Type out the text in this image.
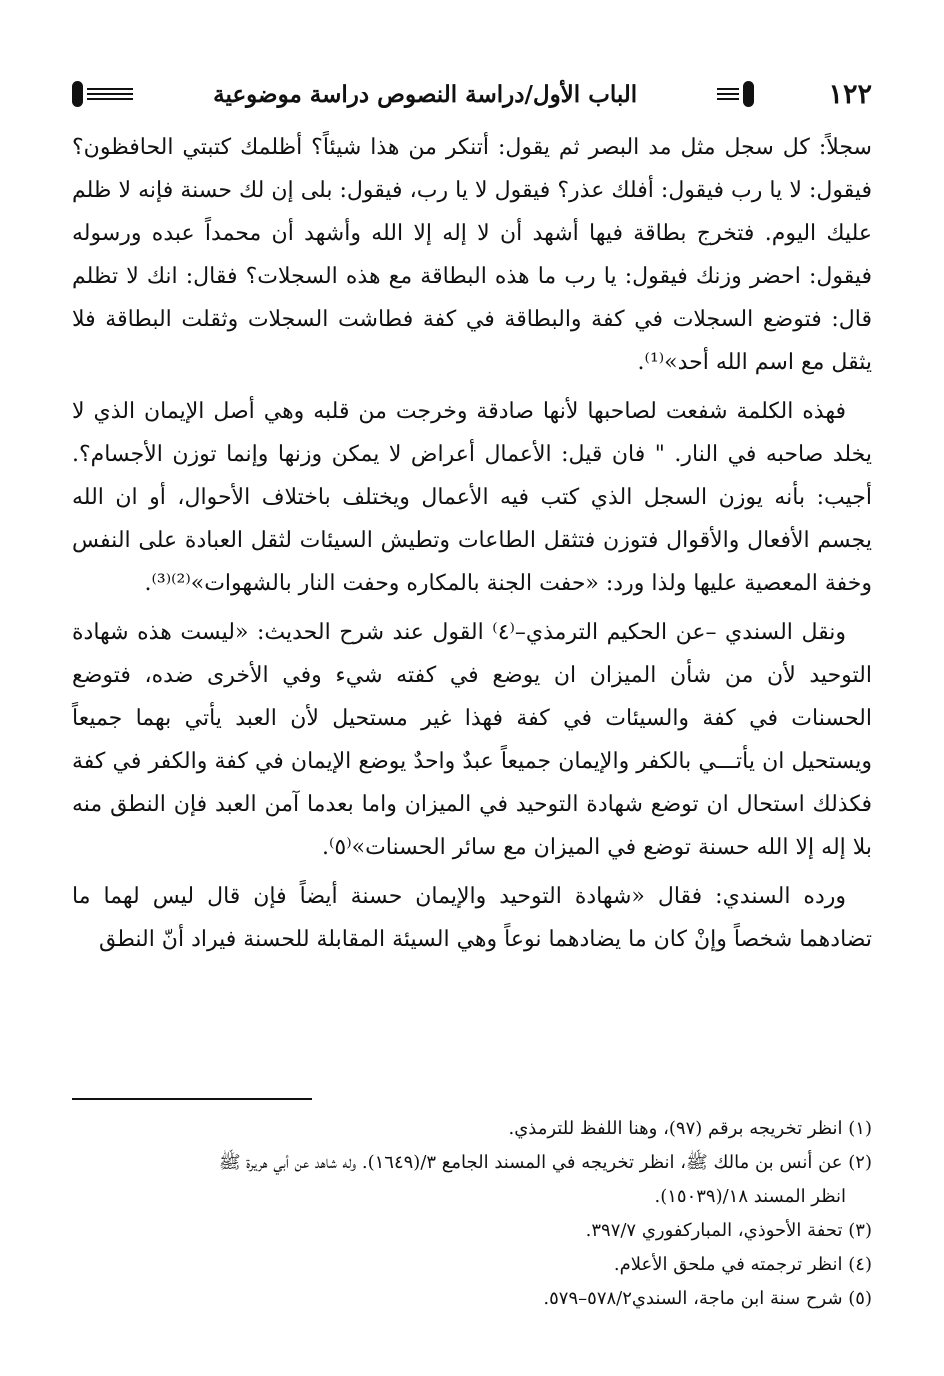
١٢٢
الباب الأول/دراسة النصوص دراسة موضوعية

سجلاً: كل سجل مثل مد البصر ثم يقول: أتنكر من هذا شيئاً؟ أظلمك كتبتي الحافظون؟ فيقول: لا يا رب فيقول: أفلك عذر؟ فيقول لا يا رب، فيقول: بلى إن لك حسنة فإنه لا ظلم عليك اليوم. فتخرج بطاقة فيها أشهد أن لا إله إلا الله وأشهد أن محمداً عبده ورسوله فيقول: احضر وزنك فيقول: يا رب ما هذه البطاقة مع هذه السجلات؟ فقال: انك لا تظلم قال: فتوضع السجلات في كفة والبطاقة في كفة فطاشت السجلات وثقلت البطاقة فلا يثقل مع اسم الله أحد»⁽¹⁾.

فهذه الكلمة شفعت لصاحبها لأنها صادقة وخرجت من قلبه وهي أصل الإيمان الذي لا يخلد صاحبه في النار. " فان قيل: الأعمال أعراض لا يمكن وزنها وإنما توزن الأجسام؟. أجيب: بأنه يوزن السجل الذي كتب فيه الأعمال ويختلف باختلاف الأحوال، أو ان الله يجسم الأفعال والأقوال فتوزن فتثقل الطاعات وتطيش السيئات لثقل العبادة على النفس وخفة المعصية عليها ولذا ورد: «حفت الجنة بالمكاره وحفت النار بالشهوات»⁽²⁾⁽³⁾.

ونقل السندي –عن الحكيم الترمذي–⁽٤⁾ القول عند شرح الحديث: «ليست هذه شهادة التوحيد لأن من شأن الميزان ان يوضع في كفته شيء وفي الأخرى ضده، فتوضع الحسنات في كفة والسيئات في كفة فهذا غير مستحيل لأن العبد يأتي بهما جميعاً ويستحيل ان يأتـــي بالكفر والإيمان جميعاً عبدٌ واحدٌ يوضع الإيمان في كفة والكفر في كفة فكذلك استحال ان توضع شهادة التوحيد في الميزان واما بعدما آمن العبد فإن النطق منه بلا إله إلا الله حسنة توضع في الميزان مع سائر الحسنات»⁽٥⁾.

ورده السندي: فقال «شهادة التوحيد والإيمان حسنة أيضاً فإن قال ليس لهما ما تضادهما شخصاً وإنْ كان ما يضادهما نوعاً وهي السيئة المقابلة للحسنة فيراد أنّ النطق

(١) انظر تخريجه برقم (٩٧)، وهنا اللفظ للترمذي.

(٢) عن أنس بن مالك ﷺ، انظر تخريجه في المسند الجامع ٣/(١٦٤٩). وله شاهد عن أبي هريرة ﷺ
انظر المسند ١٨/(١٥٠٣٩).

(٣) تحفة الأحوذي، المباركفوري ٣٩٧/٧.

(٤) انظر ترجمته في ملحق الأعلام.

(٥) شرح سنة ابن ماجة، السندي٥٧٨/٢–٥٧٩.
